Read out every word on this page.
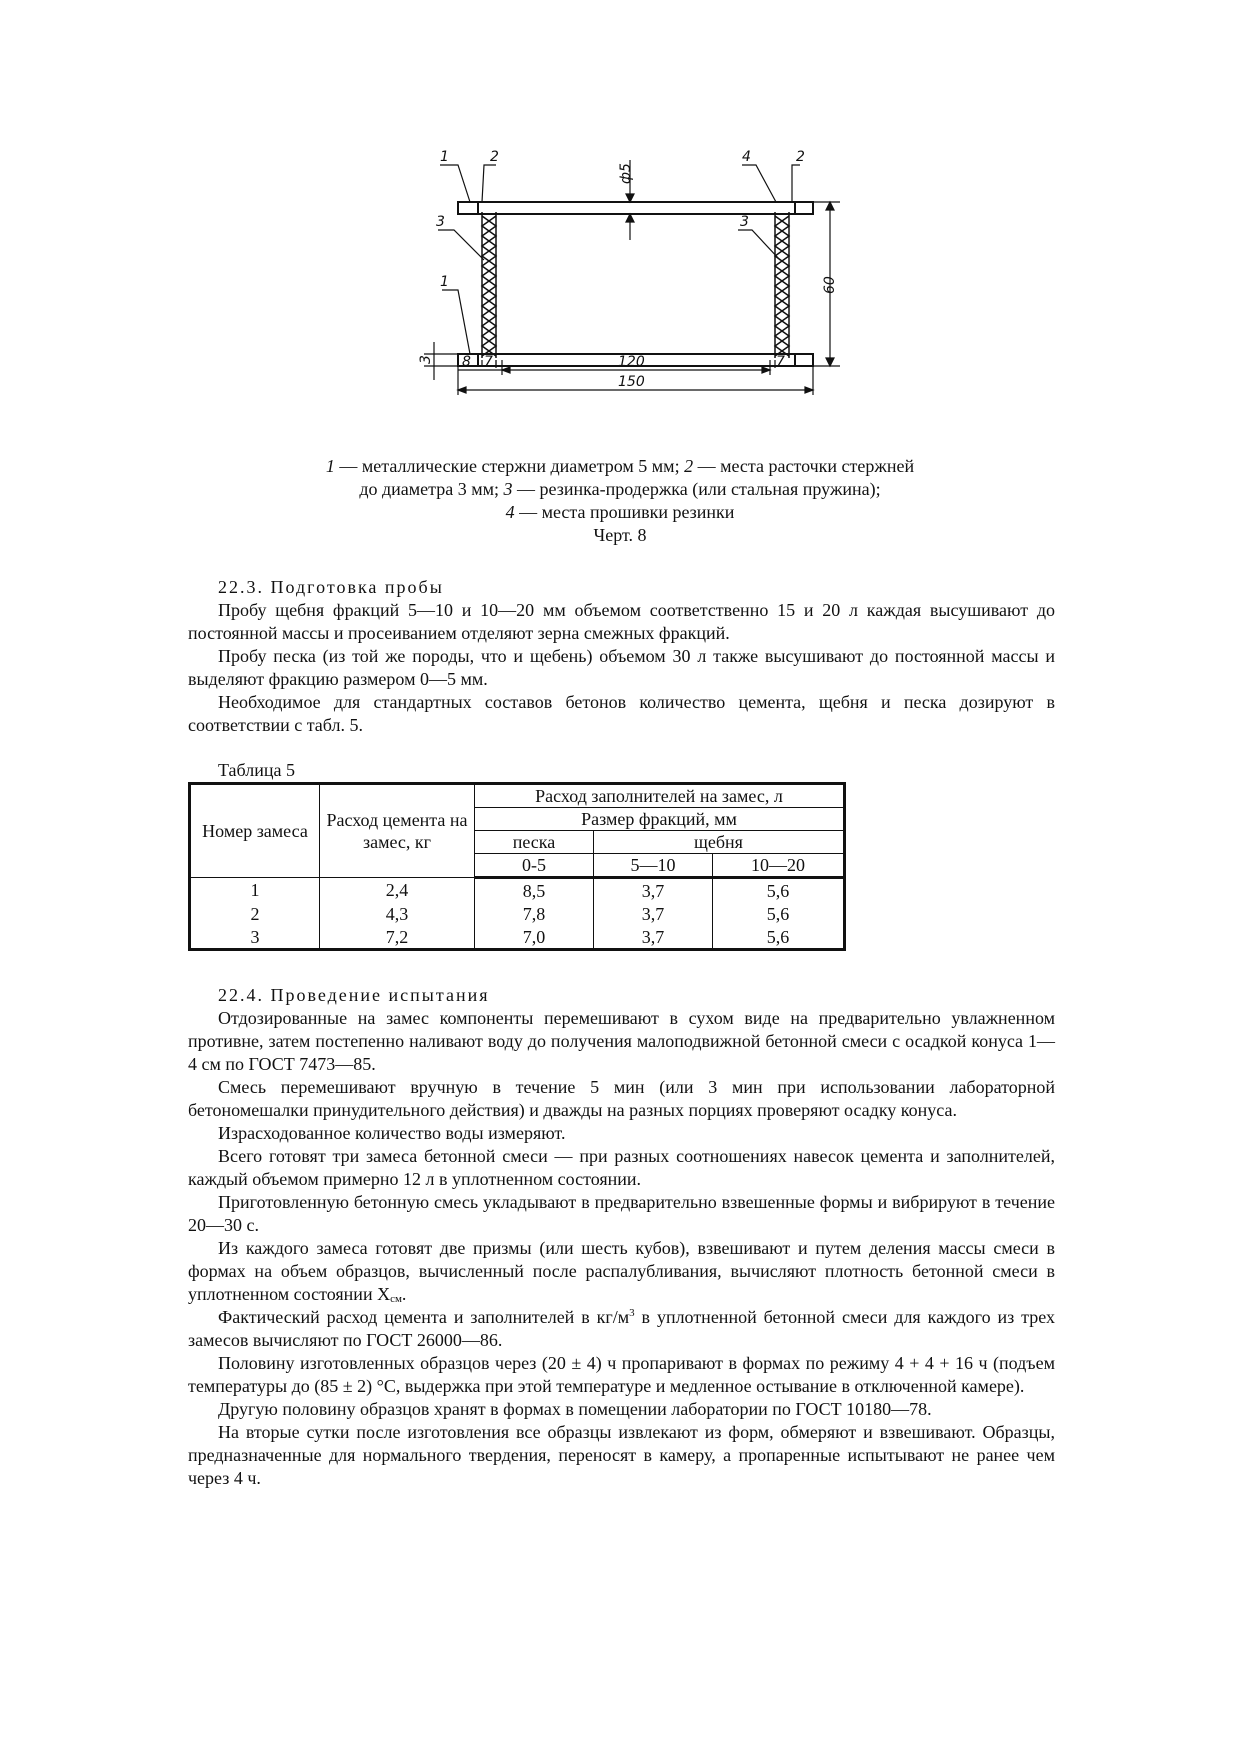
1	2
3
1
4	2
3
ф5
60
3 8 7	120	7
150
1 — металлические стержни диаметром 5 мм; 2 — места расточки стержней
до диаметра 3 мм; 3 — резинка-продержка (или стальная пружина);
4 — места прошивки резинки
Черт. 8

22.3. Подготовка пробы

Пробу щебня фракций 5—10 и 10—20 мм объемом соответственно 15 и 20 л каждая высушивают до постоянной массы и просеиванием отделяют зерна смежных фракций.

Пробу песка (из той же породы, что и щебень) объемом 30 л также высушивают до постоянной массы и выделяют фракцию размером 0—5 мм.

Необходимое для стандартных составов бетонов количество цемента, щебня и песка дозируют в соответствии с табл. 5.

Таблица 5
Номер замеса	Расход цемента на замес, кг	Расход заполнителей на замес, л		
		Размер фракций, мм		
		песка	щебня	
		0-5	5—10	10—20
1	2,4	8,5	3,7	5,6
2	4,3	7,8	3,7	5,6
3	7,2	7,0	3,7	5,6

22.4. Проведение испытания

Отдозированные на замес компоненты перемешивают в сухом виде на предварительно увлажненном противне, затем постепенно наливают воду до получения малоподвижной бетонной смеси с осадкой конуса 1—4 см по ГОСТ 7473—85.

Смесь перемешивают вручную в течение 5 мин (или 3 мин при использовании лабораторной бетономешалки принудительного действия) и дважды на разных порциях проверяют осадку конуса.

Израсходованное количество воды измеряют.

Всего готовят три замеса бетонной смеси — при разных соотношениях навесок цемента и заполнителей, каждый объемом примерно 12 л в уплотненном состоянии.

Приготовленную бетонную смесь укладывают в предварительно взвешенные формы и вибрируют в течение 20—30 с.

Из каждого замеса готовят две призмы (или шесть кубов), взвешивают и путем деления массы смеси в формах на объем образцов, вычисленный после распалубливания, вычисляют плотность бетонной смеси в уплотненном состоянии $Х_{см}$.

Фактический расход цемента и заполнителей в $кг/м^3$ в уплотненной бетонной смеси для каждого из трех замесов вычисляют по ГОСТ 26000—86.

Половину изготовленных образцов через (20 ± 4) ч пропаривают в формах по режиму 4 + 4 + 16 ч (подъем температуры до (85 ± 2) °С, выдержка при этой температуре и медленное остывание в отключенной камере).

Другую половину образцов хранят в формах в помещении лаборатории по ГОСТ 10180—78.

На вторые сутки после изготовления все образцы извлекают из форм, обмеряют и взвешивают. Образцы, предназначенные для нормального твердения, переносят в камеру, а пропаренные испытывают не ранее чем через 4 ч.
